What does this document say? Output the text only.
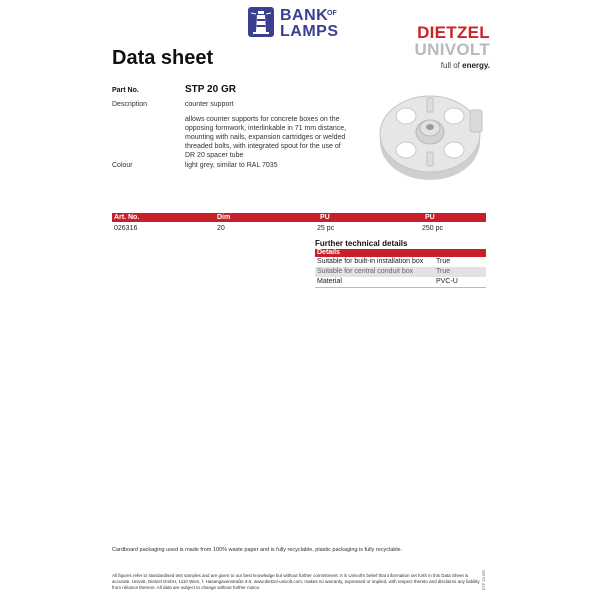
BANK
OF
LAMPS	DIETZEL
UNIVOLT
full of energy.
Data sheet
Part No.	STP 20 GR
Description	counter support
allows counter supports for concrete boxes on the opposing formwork, interlinkable in 71 mm distance, mounting with nails, expansion cartridges or welded threaded bolts, with integrated spout for the use of DR 20 spacer tube
Colour	light grey, similar to RAL 7035
Art. No.	Dim	PU	PU
026316	20	25 pc	250 pc
Further technical details
Details
Suitable for built-in installation box True
Suitable for central conduit box	True
Material	PVC-U
Cardboard packaging used is made from 100% waste paper and is fully recyclable, plastic packaging is fully recyclable.
All figures refer to standardised test samples and are given to our best knowledge but without further commitment. It is Univolt's belief that information set forth in this Data Sheet is accurate. Univolt, Dietzel GmbH, 1110 Wien, f. Hasangavenstraße 3-5, www.dietzel-univolt.com, makes no warranty, expressed or implied, with respect thereto and disclaims any liability from reliance thereon. All data are subject to change without further notice.	STP 20 GR
